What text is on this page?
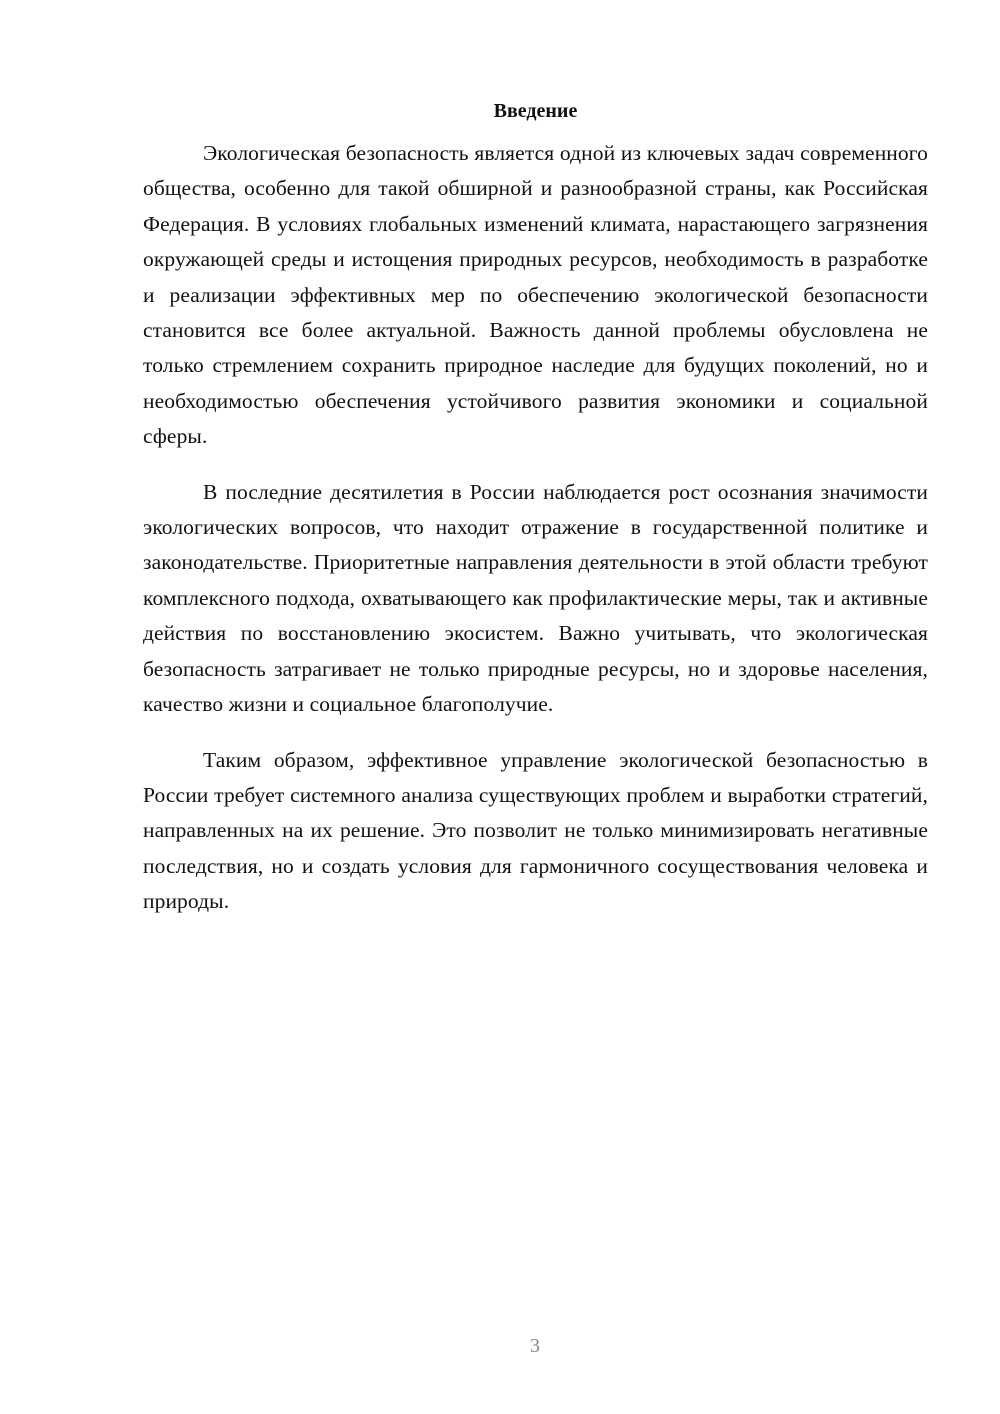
Введение

Экологическая безопасность является одной из ключевых задач современного общества, особенно для такой обширной и разнообразной страны, как Российская Федерация. В условиях глобальных изменений климата, нарастающего загрязнения окружающей среды и истощения природных ресурсов, необходимость в разработке и реализации эффективных мер по обеспечению экологической безопасности становится все более актуальной. Важность данной проблемы обусловлена не только стремлением сохранить природное наследие для будущих поколений, но и необходимостью обеспечения устойчивого развития экономики и социальной сферы.

В последние десятилетия в России наблюдается рост осознания значимости экологических вопросов, что находит отражение в государственной политике и законодательстве. Приоритетные направления деятельности в этой области требуют комплексного подхода, охватывающего как профилактические меры, так и активные действия по восстановлению экосистем. Важно учитывать, что экологическая безопасность затрагивает не только природные ресурсы, но и здоровье населения, качество жизни и социальное благополучие.

Таким образом, эффективное управление экологической безопасностью в России требует системного анализа существующих проблем и выработки стратегий, направленных на их решение. Это позволит не только минимизировать негативные последствия, но и создать условия для гармоничного сосуществования человека и природы.

3
